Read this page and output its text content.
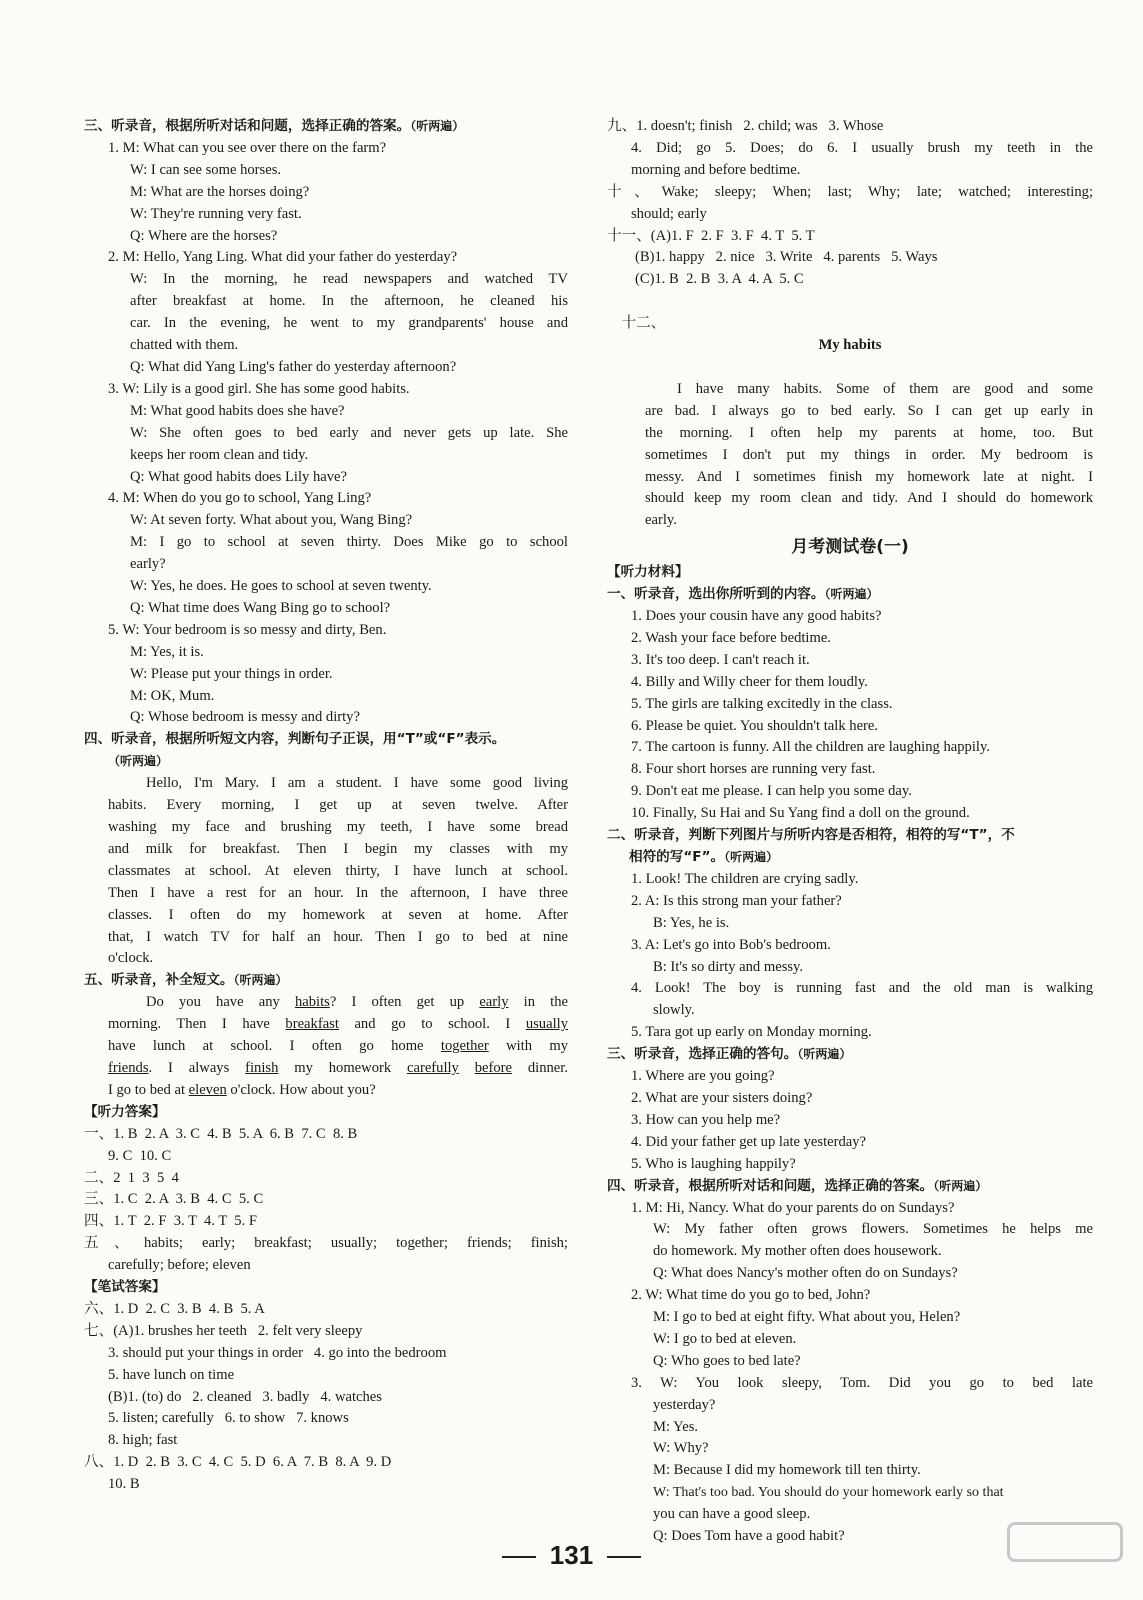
三、听录音，根据所听对话和问题，选择正确的答案。（听两遍）
1. M: What can you see over there on the farm?
W: I can see some horses.
M: What are the horses doing?
W: They're running very fast.
Q: Where are the horses?
2. M: Hello, Yang Ling. What did your father do yesterday?
W: In the morning, he read newspapers and watched TV
after breakfast at home. In the afternoon, he cleaned his
car. In the evening, he went to my grandparents' house and
chatted with them.
Q: What did Yang Ling's father do yesterday afternoon?
3. W: Lily is a good girl. She has some good habits.
M: What good habits does she have?
W: She often goes to bed early and never gets up late. She
keeps her room clean and tidy.
Q: What good habits does Lily have?
4. M: When do you go to school, Yang Ling?
W: At seven forty. What about you, Wang Bing?
M: I go to school at seven thirty. Does Mike go to school
early?
W: Yes, he does. He goes to school at seven twenty.
Q: What time does Wang Bing go to school?
5. W: Your bedroom is so messy and dirty, Ben.
M: Yes, it is.
W: Please put your things in order.
M: OK, Mum.
Q: Whose bedroom is messy and dirty?
四、听录音，根据所听短文内容，判断句子正误，用“T”或“F”表示。
（听两遍）
Hello, I'm Mary. I am a student. I have some good living
habits. Every morning, I get up at seven twelve. After
washing my face and brushing my teeth, I have some bread
and milk for breakfast. Then I begin my classes with my
classmates at school. At eleven thirty, I have lunch at school.
Then I have a rest for an hour. In the afternoon, I have three
classes. I often do my homework at seven at home. After
that, I watch TV for half an hour. Then I go to bed at nine
o'clock.
五、听录音，补全短文。（听两遍）
Do you have any habits? I often get up early in the
morning. Then I have breakfast and go to school. I usually
have lunch at school. I often go home together with my
friends. I always finish my homework carefully before dinner.
I go to bed at eleven o'clock. How about you?
【听力答案】
一、1. B  2. A  3. C  4. B  5. A  6. B  7. C  8. B
9. C  10. C
二、2  1  3  5  4
三、1. C  2. A  3. B  4. C  5. C
四、1. T  2. F  3. T  4. T  5. F
五、habits; early; breakfast; usually; together; friends; finish;
carefully; before; eleven
【笔试答案】
六、1. D  2. C  3. B  4. B  5. A
七、(A)1. brushes her teeth   2. felt very sleepy
3. should put your things in order   4. go into the bedroom
5. have lunch on time
(B)1. (to) do   2. cleaned   3. badly   4. watches
5. listen; carefully   6. to show   7. knows
8. high; fast
八、1. D  2. B  3. C  4. C  5. D  6. A  7. B  8. A  9. D
10. B
九、1. doesn't; finish   2. child; was   3. Whose
4. Did; go 5. Does; do 6. I usually brush my teeth in the
morning and before bedtime.
十、Wake; sleepy; When; last; Why; late; watched; interesting;
should; early
十一、(A)1. F  2. F  3. F  4. T  5. T
(B)1. happy   2. nice   3. Write   4. parents   5. Ways
(C)1. B  2. B  3. A  4. A  5. C

十二、

My habits

I have many habits. Some of them are good and some
are bad. I always go to bed early. So I can get up early in
the morning. I often help my parents at home, too. But
sometimes I don't put my things in order. My bedroom is
messy. And I sometimes finish my homework late at night. I
should keep my room clean and tidy. And I should do homework
early.
月考测试卷(一)
【听力材料】
一、听录音，选出你所听到的内容。（听两遍）
1. Does your cousin have any good habits?
2. Wash your face before bedtime.
3. It's too deep. I can't reach it.
4. Billy and Willy cheer for them loudly.
5. The girls are talking excitedly in the class.
6. Please be quiet. You shouldn't talk here.
7. The cartoon is funny. All the children are laughing happily.
8. Four short horses are running very fast.
9. Don't eat me please. I can help you some day.
10. Finally, Su Hai and Su Yang find a doll on the ground.
二、听录音，判断下列图片与所听内容是否相符，相符的写“T”，不
相符的写“F”。（听两遍）
1. Look! The children are crying sadly.
2. A: Is this strong man your father?
B: Yes, he is.
3. A: Let's go into Bob's bedroom.
B: It's so dirty and messy.
4. Look! The boy is running fast and the old man is walking
slowly.
5. Tara got up early on Monday morning.
三、听录音，选择正确的答句。（听两遍）
1. Where are you going?
2. What are your sisters doing?
3. How can you help me?
4. Did your father get up late yesterday?
5. Who is laughing happily?
四、听录音，根据所听对话和问题，选择正确的答案。（听两遍）
1. M: Hi, Nancy. What do your parents do on Sundays?
W: My father often grows flowers. Sometimes he helps me
do homework. My mother often does housework.
Q: What does Nancy's mother often do on Sundays?
2. W: What time do you go to bed, John?
M: I go to bed at eight fifty. What about you, Helen?
W: I go to bed at eleven.
Q: Who goes to bed late?
3. W: You look sleepy, Tom. Did you go to bed late
yesterday?
M: Yes.
W: Why?
M: Because I did my homework till ten thirty.
W: That's too bad. You should do your homework early so that
you can have a good sleep.
Q: Does Tom have a good habit?
131
